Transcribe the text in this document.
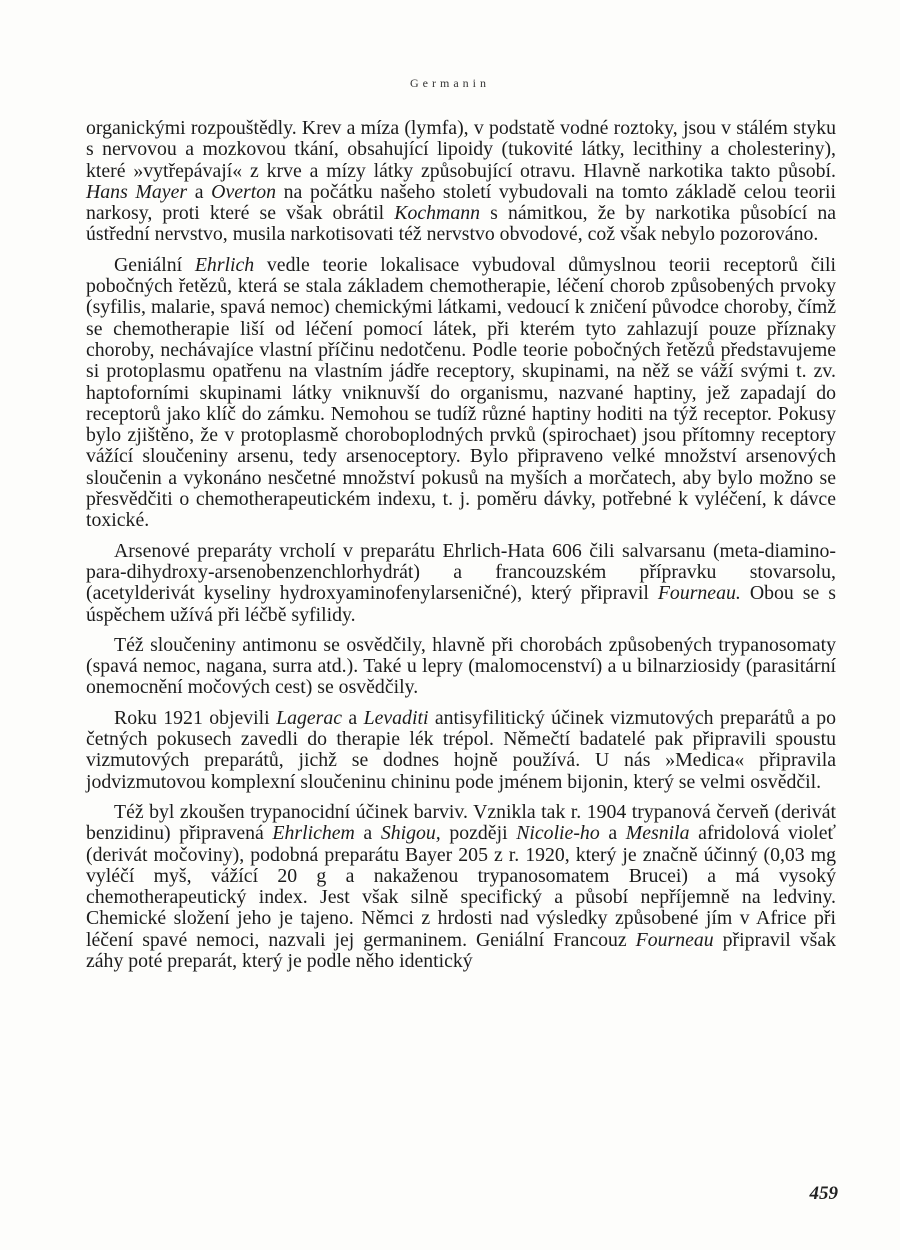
Germanin

organickými rozpouštědly. Krev a míza (lymfa), v podstatě vodné roztoky, jsou v stálém styku s nervovou a mozkovou tkání, obsahující lipoidy (tukovité látky, lecithiny a cholesteriny), které »vytřepávají« z krve a mízy látky způsobující otravu. Hlavně narkotika takto působí. Hans Mayer a Overton na počátku našeho století vybudovali na tomto základě celou teorii narkosy, proti které se však obrátil Kochmann s námitkou, že by narkotika působící na ústřední nervstvo, musila narkotisovati též nervstvo obvodové, což však nebylo pozorováno.

Geniální Ehrlich vedle teorie lokalisace vybudoval důmyslnou teorii receptorů čili pobočných řetězů, která se stala základem chemotherapie, léčení chorob způsobených prvoky (syfilis, malarie, spavá nemoc) chemickými látkami, vedoucí k zničení původce choroby, čímž se chemotherapie liší od léčení pomocí látek, při kterém tyto zahlazují pouze příznaky choroby, nechávajíce vlastní příčinu nedotčenu. Podle teorie pobočných řetězů představujeme si protoplasmu opatřenu na vlastním jádře receptory, skupinami, na něž se váží svými t. zv. haptoforními skupinami látky vniknuvší do organismu, nazvané haptiny, jež zapadají do receptorů jako klíč do zámku. Nemohou se tudíž různé haptiny hoditi na týž receptor. Pokusy bylo zjištěno, že v protoplasmě choroboplodných prvků (spirochaet) jsou přítomny receptory vážící sloučeniny arsenu, tedy arsenoceptory. Bylo připraveno velké množství arsenových sloučenin a vykonáno nesčetné množství pokusů na myších a morčatech, aby bylo možno se přesvědčiti o chemotherapeutickém indexu, t. j. poměru dávky, potřebné k vyléčení, k dávce toxické.

Arsenové preparáty vrcholí v preparátu Ehrlich-Hata 606 čili salvarsanu (meta-diamino-para-dihydroxy-arsenobenzenchlorhydrát) a francouzském přípravku stovarsolu, (acetylderivát kyseliny hydroxyaminofenylarseničné), který připravil Fourneau. Obou se s úspěchem užívá při léčbě syfilidy.

Též sloučeniny antimonu se osvědčily, hlavně při chorobách způsobených trypanosomaty (spavá nemoc, nagana, surra atd.). Také u lepry (malomocenství) a u bilnarziosidy (parasitární onemocnění močových cest) se osvědčily.

Roku 1921 objevili Lagerac a Levaditi antisyfilitický účinek vizmutových preparátů a po četných pokusech zavedli do therapie lék trépol. Němečtí badatelé pak připravili spoustu vizmutových preparátů, jichž se dodnes hojně používá. U nás »Medica« připravila jodvizmutovou komplexní sloučeninu chininu pode jménem bijonin, který se velmi osvědčil.

Též byl zkoušen trypanocidní účinek barviv. Vznikla tak r. 1904 trypanová červeň (derivát benzidinu) připravená Ehrlichem a Shigou, později Nicolie-ho a Mesnila afridolová violeť (derivát močoviny), podobná preparátu Bayer 205 z r. 1920, který je značně účinný (0,03 mg vyléčí myš, vážící 20 g a nakaženou trypanosomatem Brucei) a má vysoký chemotherapeutický index. Jest však silně specifický a působí nepříjemně na ledviny. Chemické složení jeho je tajeno. Němci z hrdosti nad výsledky způsobené jím v Africe při léčení spavé nemoci, nazvali jej germaninem. Geniální Francouz Fourneau připravil však záhy poté preparát, který je podle něho identický

459
